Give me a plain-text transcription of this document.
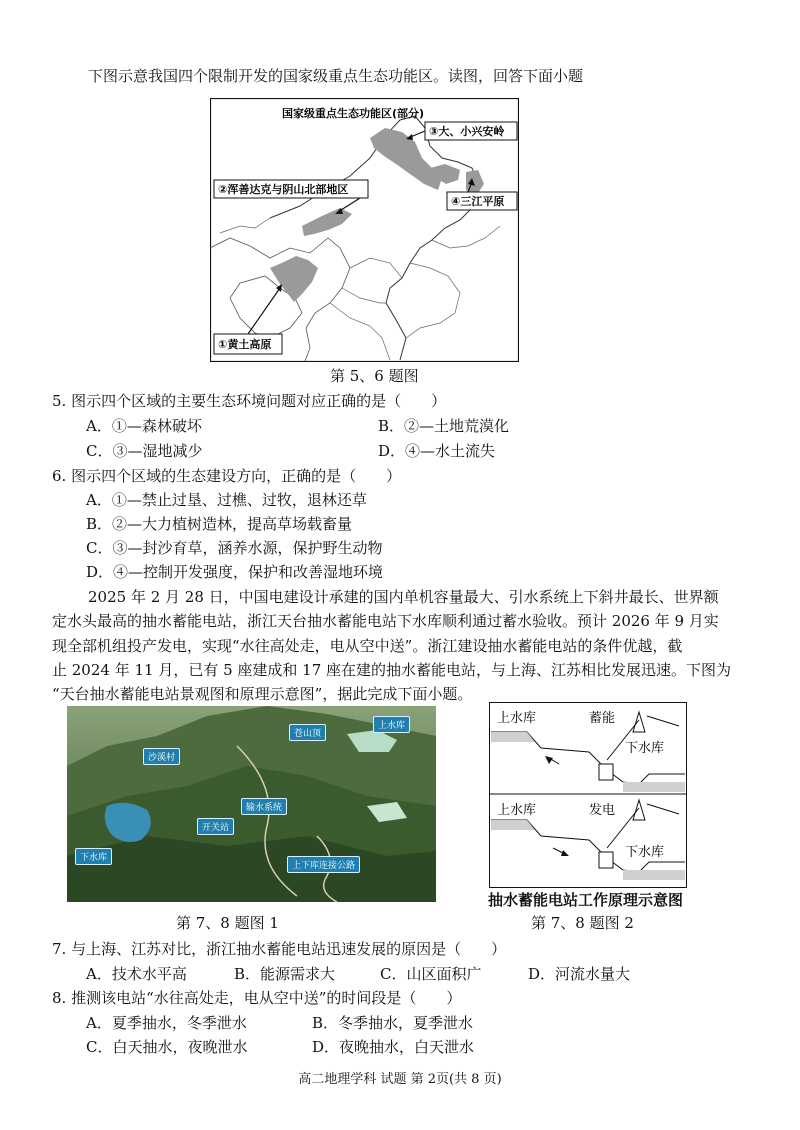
下图示意我国四个限制开发的国家级重点生态功能区。读图，回答下面小题
国家级重点生态功能区(部分)
③大、小兴安岭
②浑善达克与阴山北部地区
④三江平原
①黄土高原
第 5、6 题图
5. 图示四个区域的主要生态环境问题对应正确的是（　　）
A．①—森林破坏	B．②—土地荒漠化
C．③—湿地减少	D．④—水土流失
6. 图示四个区域的生态建设方向，正确的是（　　）
A．①—禁止过垦、过樵、过牧，退林还草
B．②—大力植树造林，提高草场载畜量
C．③—封沙育草，涵养水源，保护野生动物
D．④—控制开发强度，保护和改善湿地环境
2025 年 2 月 28 日，中国电建设计承建的国内单机容量最大、引水系统上下斜井最长、世界额
定水头最高的抽水蓄能电站，浙江天台抽水蓄能电站下水库顺利通过蓄水验收。预计 2026 年 9 月实
现全部机组投产发电，实现“水往高处走，电从空中送”。浙江建设抽水蓄能电站的条件优越，截
止 2024 年 11 月，已有 5 座建成和 17 座在建的抽水蓄能电站，与上海、江苏相比发展迅速。下图为
“天台抽水蓄能电站景观图和原理示意图”，据此完成下面小题。
沙溪村
苍山顶
上水库
输水系统
开关站
下水库
上下库连接公路
第 7、8 题图 1
上水库	蓄能
下水库
上水库	发电
下水库
抽水蓄能电站工作原理示意图
第 7、8 题图 2
7. 与上海、江苏对比，浙江抽水蓄能电站迅速发展的原因是（　　）
A．技术水平高	B．能源需求大	C．山区面积广	D．河流水量大
8. 推测该电站“水往高处走，电从空中送”的时间段是（　　）
A．夏季抽水，冬季泄水	B．冬季抽水，夏季泄水
C．白天抽水，夜晚泄水	D．夜晚抽水，白天泄水
高二地理学科 试题 第 2页(共 8 页)
